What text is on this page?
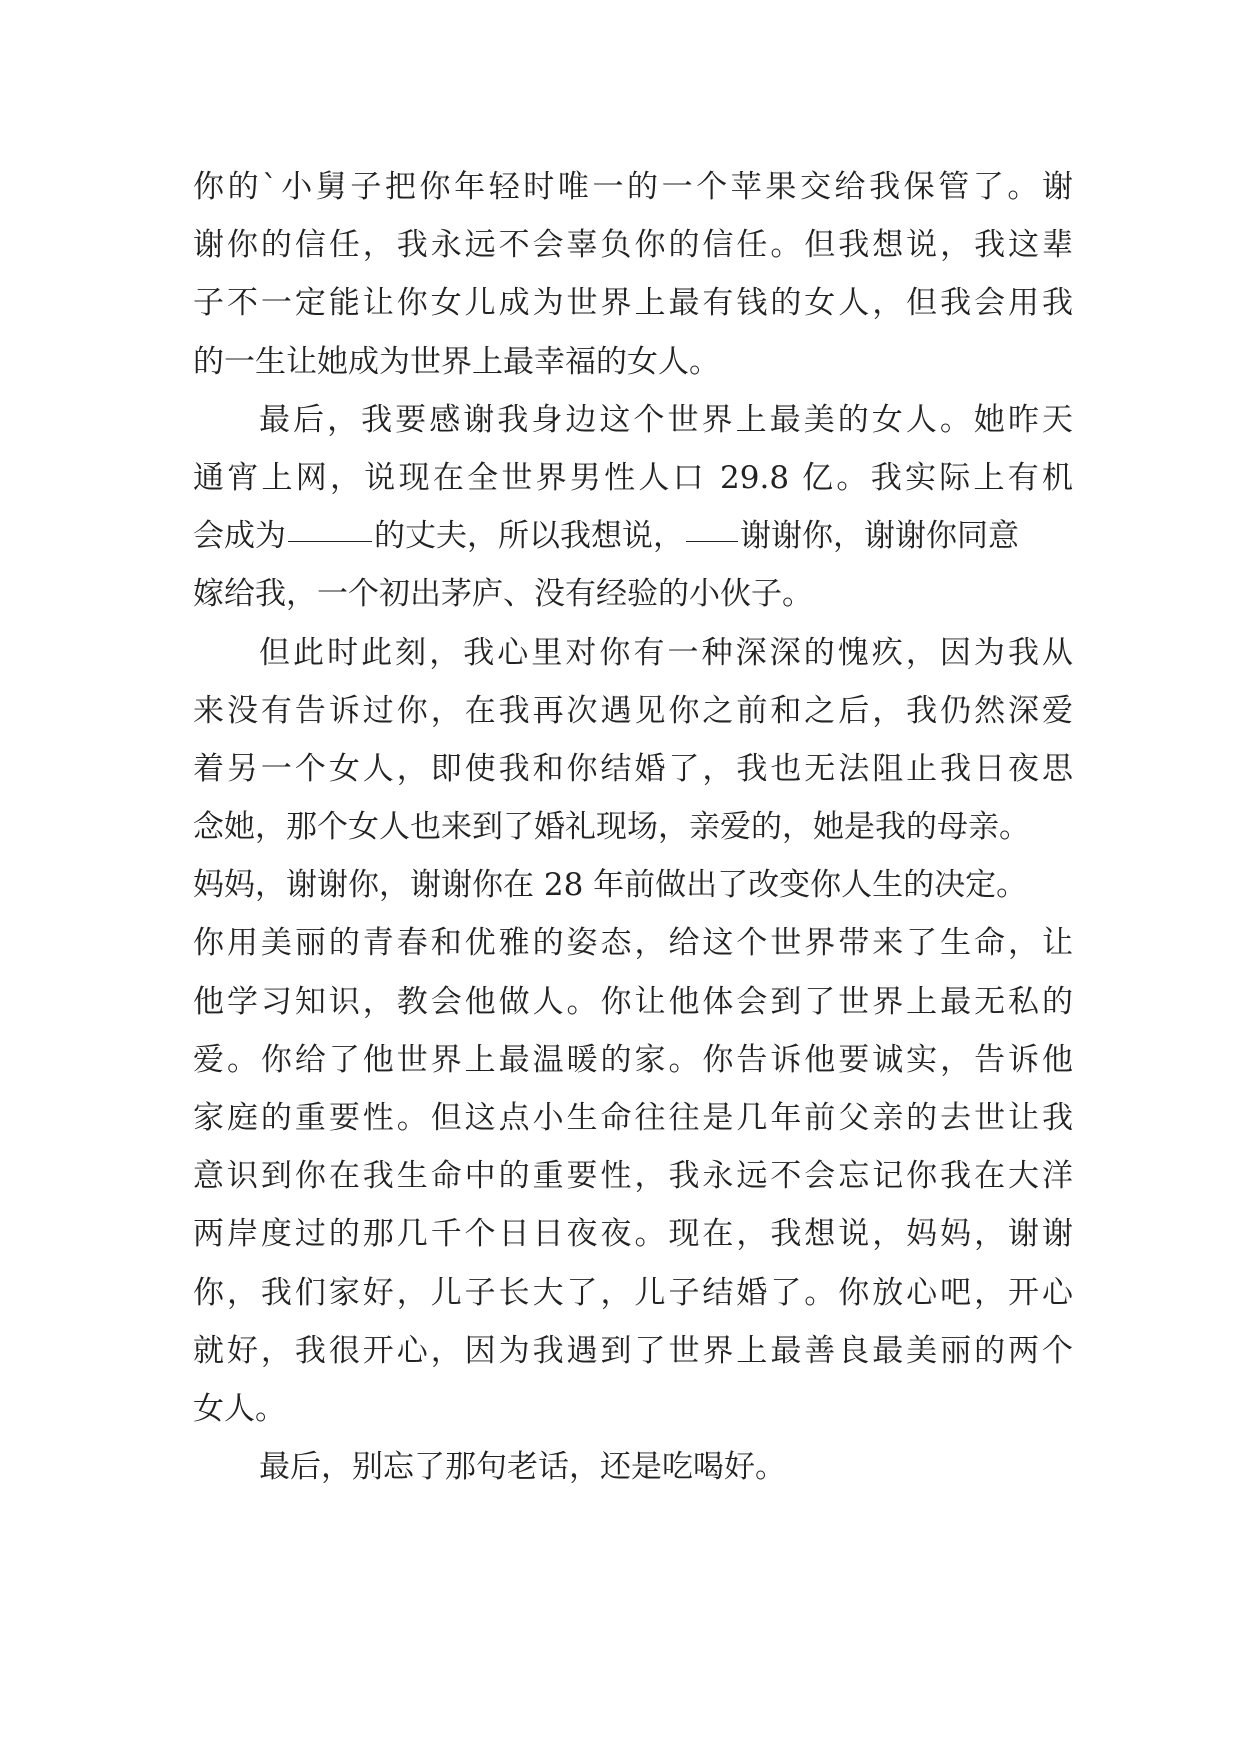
你的`小舅子把你年轻时唯一的一个苹果交给我保管了。谢
谢你的信任，我永远不会辜负你的信任。但我想说，我这辈
子不一定能让你女儿成为世界上最有钱的女人，但我会用我
的一生让她成为世界上最幸福的女人。
最后，我要感谢我身边这个世界上最美的女人。她昨天
通宵上网，说现在全世界男性人口 29.8 亿。我实际上有机
会成为	的丈夫，所以我想说， 谢谢你，谢谢你同意
嫁给我，一个初出茅庐、没有经验的小伙子。
但此时此刻，我心里对你有一种深深的愧疚，因为我从
来没有告诉过你，在我再次遇见你之前和之后，我仍然深爱
着另一个女人，即使我和你结婚了，我也无法阻止我日夜思
念她，那个女人也来到了婚礼现场，亲爱的，她是我的母亲。
妈妈，谢谢你，谢谢你在 28 年前做出了改变你人生的决定。
你用美丽的青春和优雅的姿态，给这个世界带来了生命，让
他学习知识，教会他做人。你让他体会到了世界上最无私的
爱。你给了他世界上最温暖的家。你告诉他要诚实，告诉他
家庭的重要性。但这点小生命往往是几年前父亲的去世让我
意识到你在我生命中的重要性，我永远不会忘记你我在大洋
两岸度过的那几千个日日夜夜。现在，我想说，妈妈，谢谢
你，我们家好，儿子长大了，儿子结婚了。你放心吧，开心
就好，我很开心，因为我遇到了世界上最善良最美丽的两个
女人。
最后，别忘了那句老话，还是吃喝好。
